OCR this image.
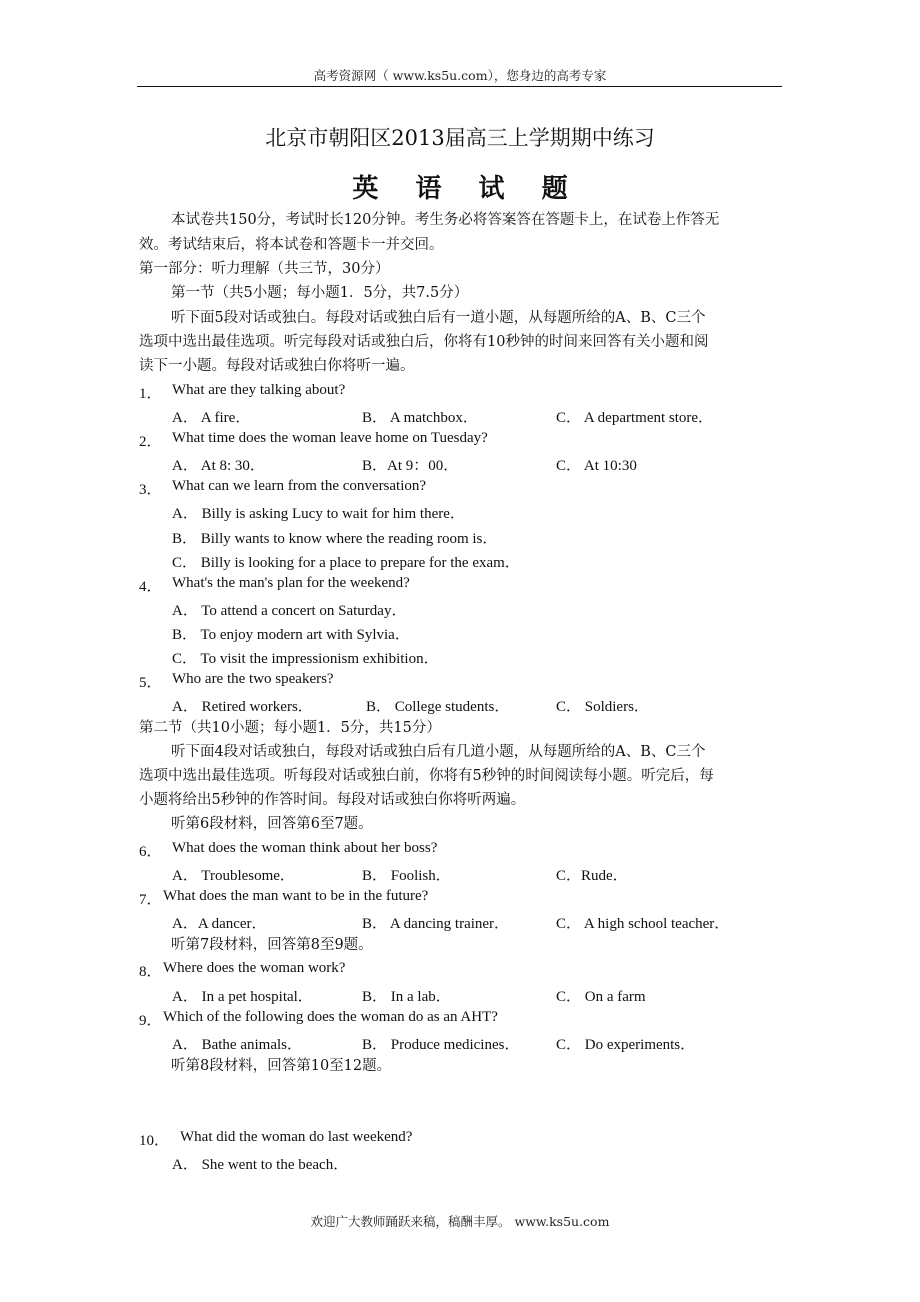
高考资源网（ www.ks5u.com），您身边的高考专家
北京市朝阳区2013届高三上学期期中练习
英 语 试 题
本试卷共150分，考试时长120分钟。考生务必将答案答在答题卡上，在试卷上作答无
效。考试结束后，将本试卷和答题卡一并交回。
第一部分：听力理解（共三节，30分）
第一节（共5小题；每小题1．5分，共7.5分）
听下面5段对话或独白。每段对话或独白后有一道小题，从每题所给的A、B、C三个
选项中选出最佳选项。听完每段对话或独白后，你将有10秒钟的时间来回答有关小题和阅
读下一小题。每段对话或独白你将听一遍。
1． What are they talking about?
A． A fire．	B． A matchbox．	C． A department store．
2． What time does the woman leave home on Tuesday?
A． At 8: 30．	B．At 9：00．	C． At 10:30
3． What can we learn from the conversation?
A． Billy is asking Lucy to wait for him there．
B． Billy wants to know where the reading room is．
C． Billy is looking for a place to prepare for the exam．
4． What's the man's plan for the weekend?
A． To attend a concert on Saturday．
B． To enjoy modern art with Sylvia．
C． To visit the impressionism exhibition．
5． Who are the two speakers?
A． Retired workers．	B． College students．	C． Soldiers．
第二节（共10小题；每小题1．5分，共15分）
听下面4段对话或独白，每段对话或独白后有几道小题，从每题所给的A、B、C三个
选项中选出最佳选项。听每段对话或独白前，你将有5秒钟的时间阅读每小题。听完后，每
小题将给出5秒钟的作答时间。每段对话或独白你将听两遍。
听第6段材料，回答第6至7题。
6． What does the woman think about her boss?
A． Troublesome．	B． Foolish．	C．Rude．
7． What does the man want to be in the future?
A．A dancer．	B． A dancing trainer．	C． A high school teacher．
听第7段材料，回答第8至9题。
8． Where does the woman work?
A． In a pet hospital．	B． In a lab．	C． On a farm
9． Which of the following does the woman do as an AHT?
A． Bathe animals．	B． Produce medicines． C． Do experiments．
听第8段材料，回答第10至12题。
10． What did the woman do last weekend?
A． She went to the beach．
欢迎广大教师踊跃来稿，稿酬丰厚。 www.ks5u.com
